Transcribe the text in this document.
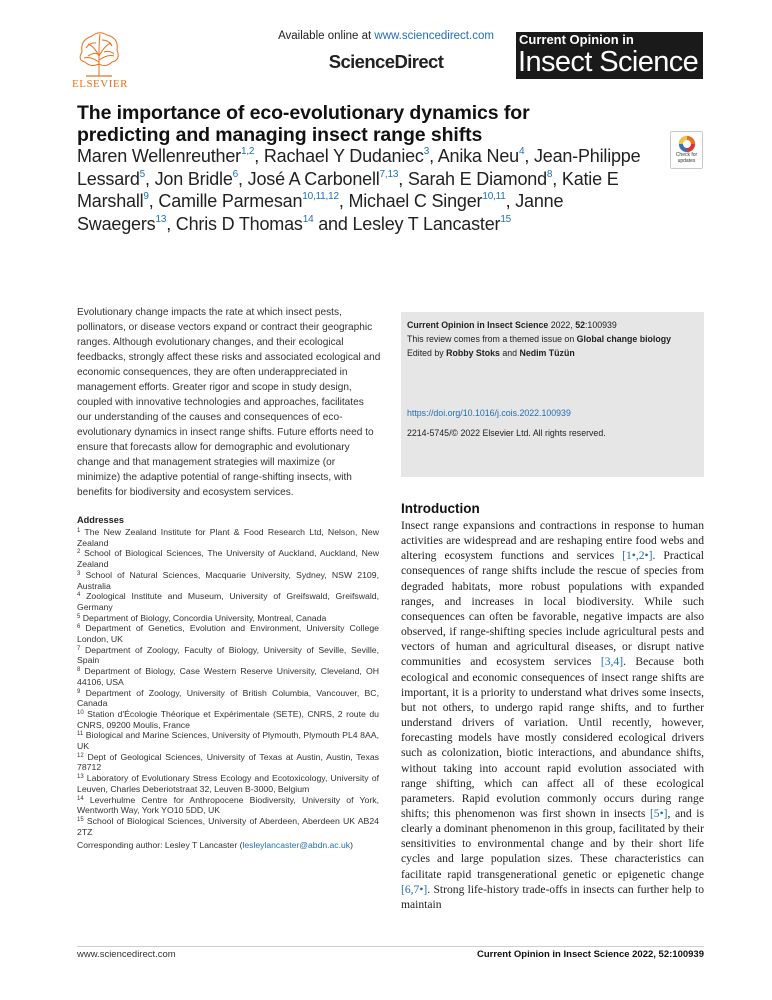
ELSEVIER
Available online at www.sciencedirect.com
ScienceDirect
Current Opinion in
Insect Science
The importance of eco-evolutionary dynamics for
predicting and managing insect range shifts
Check for
updates
Maren Wellenreuther$^{1,2}$, Rachael Y Dudaniec$^3$, Anika Neu$^4$, Jean-Philippe Lessard$^5$, Jon Bridle$^6$, José A Carbonell$^{7,13}$, Sarah E Diamond$^8$, Katie E Marshall$^9$, Camille Parmesan$^{10,11,12}$, Michael C Singer$^{10,11}$, Janne Swaegers$^{13}$, Chris D Thomas$^{14}$ and Lesley T Lancaster$^{15}$
Evolutionary change impacts the rate at which insect pests, pollinators, or disease vectors expand or contract their geographic ranges. Although evolutionary changes, and their ecological feedbacks, strongly affect these risks and associated ecological and economic consequences, they are often underappreciated in management efforts. Greater rigor and scope in study design, coupled with innovative technologies and approaches, facilitates our understanding of the causes and consequences of eco-evolutionary dynamics in insect range shifts. Future efforts need to ensure that forecasts allow for demographic and evolutionary change and that management strategies will maximize (or minimize) the adaptive potential of range-shifting insects, with benefits for biodiversity and ecosystem services.
Current Opinion in Insect Science 2022, 52:100939
This review comes from a themed issue on Global change biology
Edited by Robby Stoks and Nedim Tüzün
https://doi.org/10.1016/j.cois.2022.100939
2214-5745/© 2022 Elsevier Ltd. All rights reserved.
Addresses
$^1$ The New Zealand Institute for Plant & Food Research Ltd, Nelson, New Zealand
$^2$ School of Biological Sciences, The University of Auckland, Auckland, New Zealand
$^3$ School of Natural Sciences, Macquarie University, Sydney, NSW 2109, Australia
$^4$ Zoological Institute and Museum, University of Greifswald, Greifswald, Germany
$^5$ Department of Biology, Concordia University, Montreal, Canada
$^6$ Department of Genetics, Evolution and Environment, University College London, UK
$^7$ Department of Zoology, Faculty of Biology, University of Seville, Seville, Spain
$^8$ Department of Biology, Case Western Reserve University, Cleveland, OH 44106, USA
$^9$ Department of Zoology, University of British Columbia, Vancouver, BC, Canada
$^{10}$ Station d'Écologie Théorique et Expérimentale (SETE), CNRS, 2 route du CNRS, 09200 Moulis, France
$^{11}$ Biological and Marine Sciences, University of Plymouth, Plymouth PL4 8AA, UK
$^{12}$ Dept of Geological Sciences, University of Texas at Austin, Austin, Texas 78712
$^{13}$ Laboratory of Evolutionary Stress Ecology and Ecotoxicology, University of Leuven, Charles Deberiotstraat 32, Leuven B-3000, Belgium
$^{14}$ Leverhulme Centre for Anthropocene Biodiversity, University of York, Wentworth Way, York YO10 5DD, UK
$^{15}$ School of Biological Sciences, University of Aberdeen, Aberdeen UK AB24 2TZ
Corresponding author: Lesley T Lancaster (lesleylancaster@abdn.ac.uk)
Introduction
Insect range expansions and contractions in response to human activities are widespread and are reshaping entire food webs and altering ecosystem functions and services [1•,2•]. Practical consequences of range shifts include the rescue of species from degraded habitats, more robust populations with expanded ranges, and increases in local biodiversity. While such consequences can often be favorable, negative impacts are also observed, if range-shifting species include agricultural pests and vectors of human and agricultural diseases, or disrupt native communities and ecosystem services [3,4]. Because both ecological and economic consequences of insect range shifts are important, it is a priority to understand what drives some insects, but not others, to undergo rapid range shifts, and to further understand drivers of variation. Until recently, however, forecasting models have mostly considered ecological drivers such as colonization, biotic interactions, and abundance shifts, without taking into account rapid evolution associated with range shifting, which can affect all of these ecological parameters. Rapid evolution commonly occurs during range shifts; this phenomenon was first shown in insects [5•], and is clearly a dominant phenomenon in this group, facilitated by their sensitivities to environmental change and by their short life cycles and large population sizes. These characteristics can facilitate rapid transgenerational genetic or epigenetic change [6,7•]. Strong life-history trade-offs in insects can further help to maintain
www.sciencedirect.com	Current Opinion in Insect Science 2022, 52:100939
